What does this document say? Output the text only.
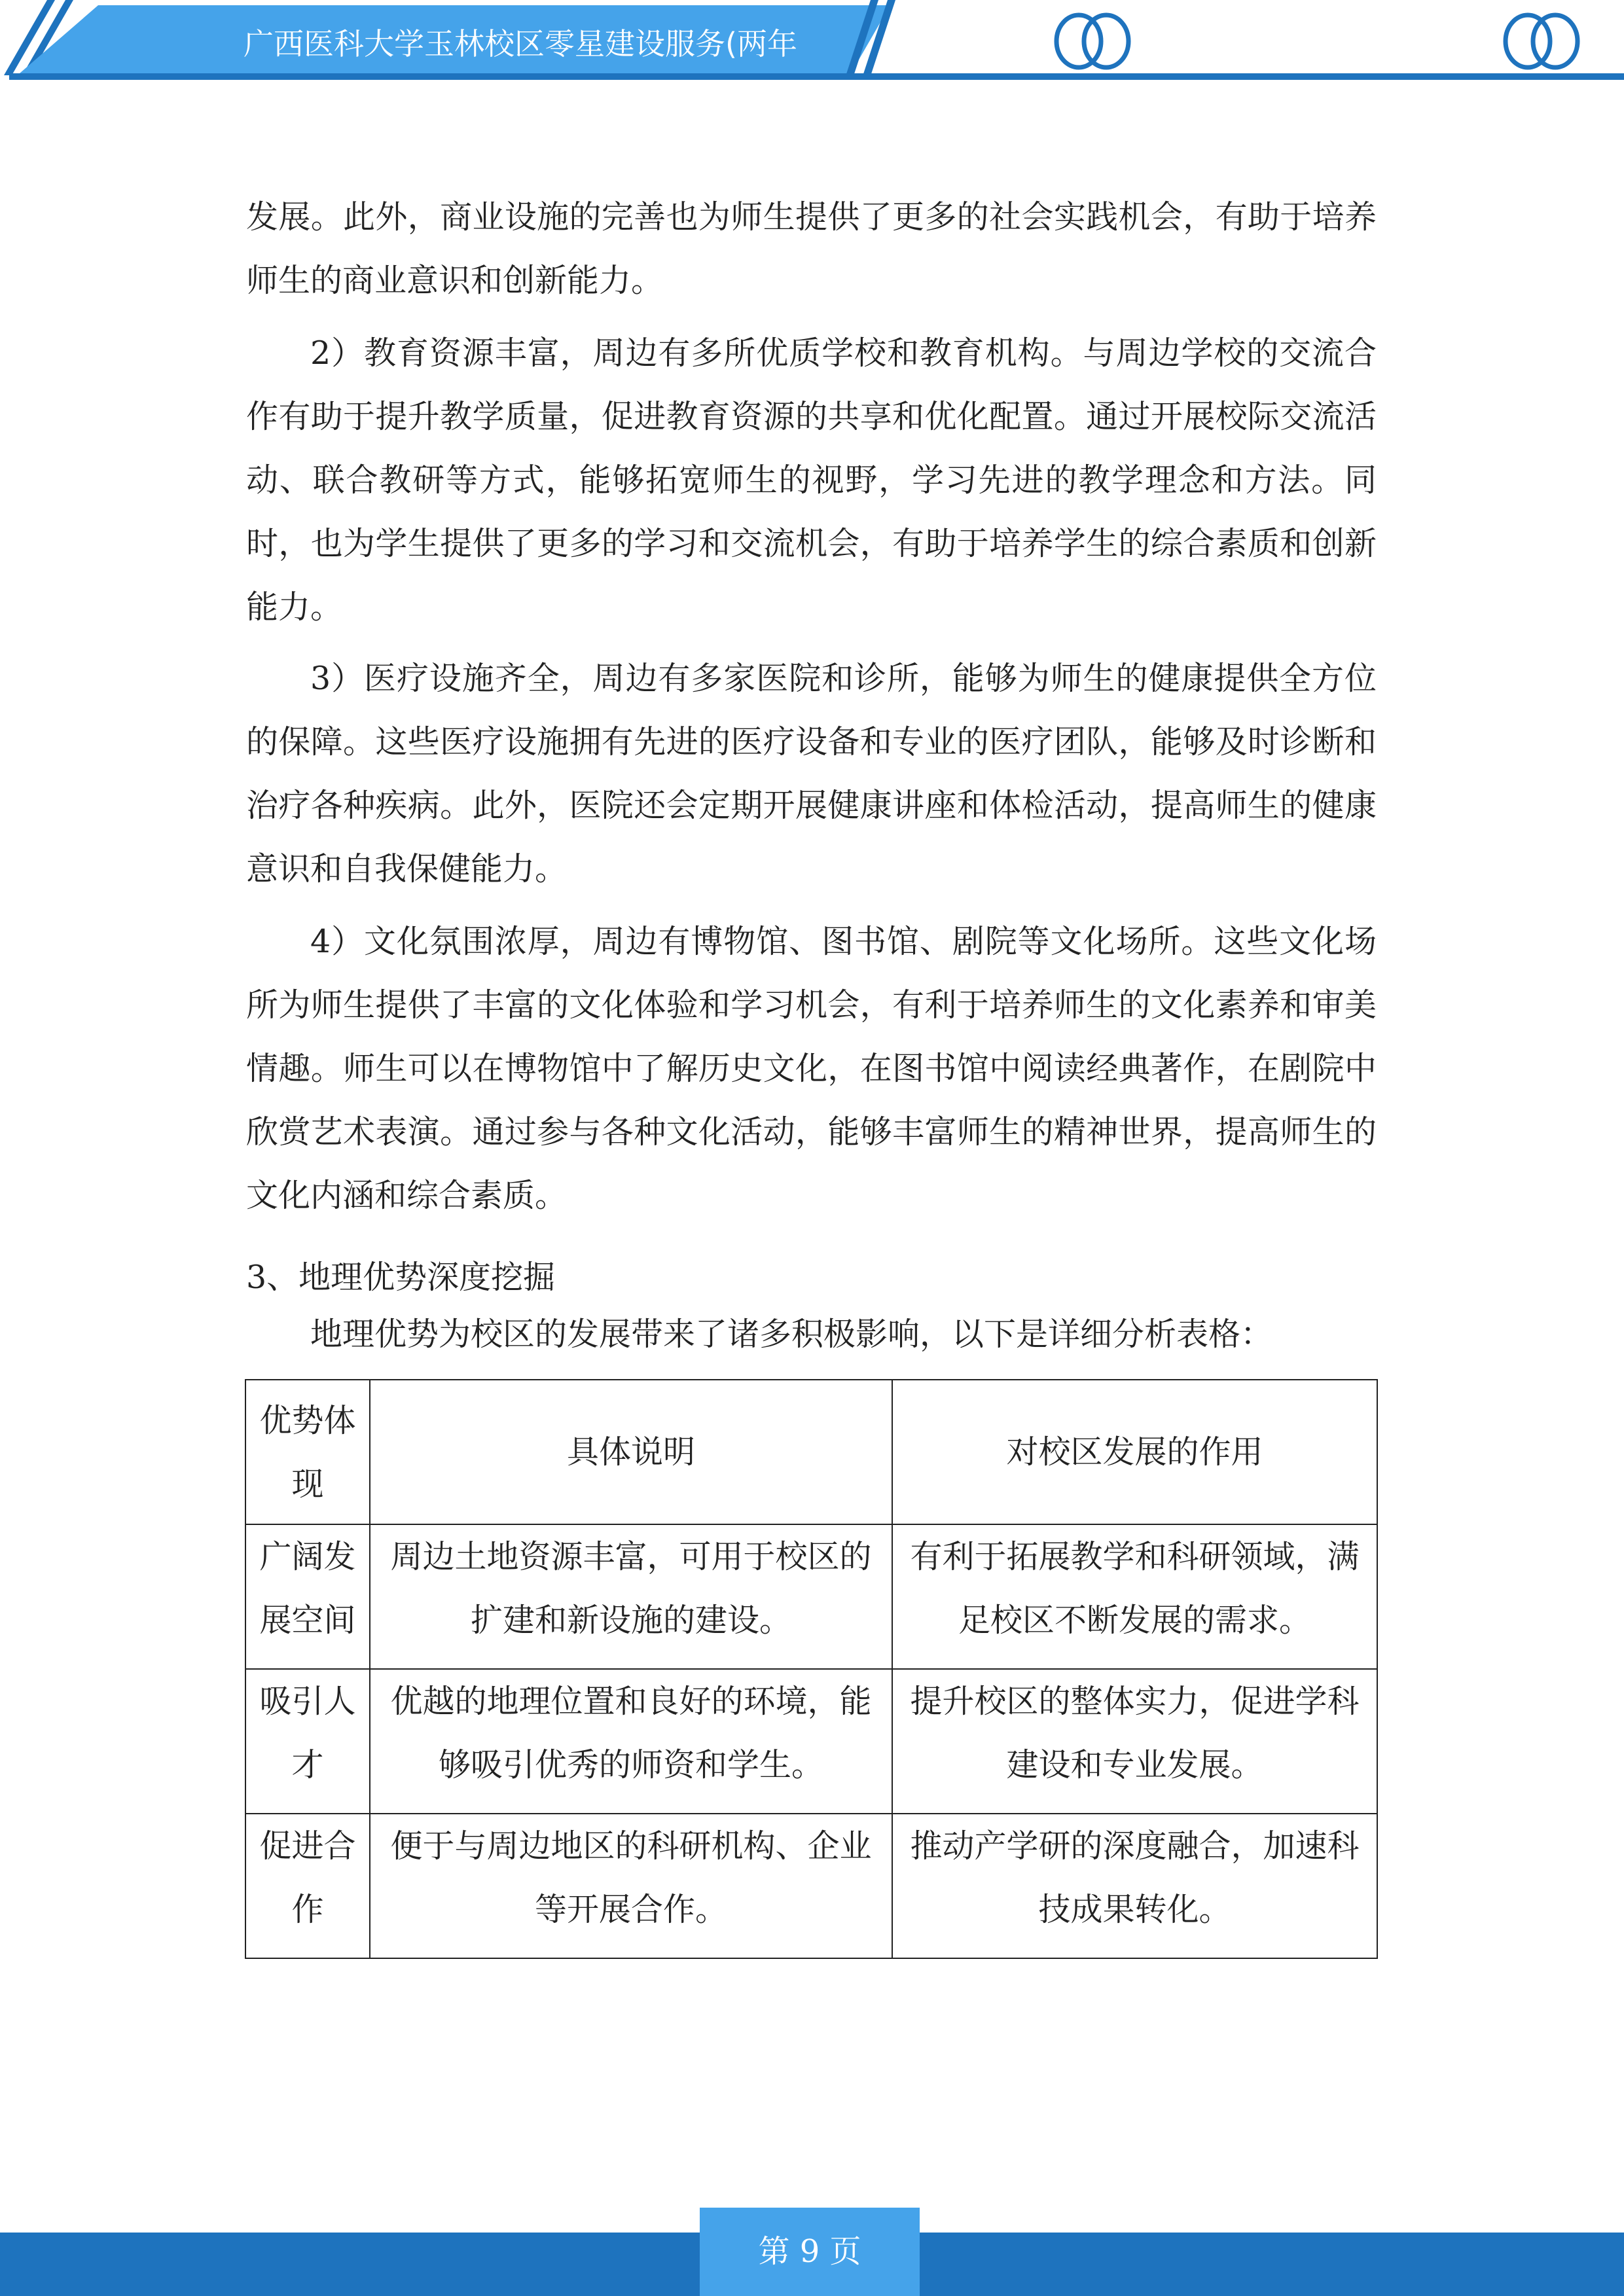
广西医科大学玉林校区零星建设服务(两年
发展。此外，商业设施的完善也为师生提供了更多的社会实践机会，有助于培养师生的商业意识和创新能力。
2）教育资源丰富，周边有多所优质学校和教育机构。与周边学校的交流合作有助于提升教学质量，促进教育资源的共享和优化配置。通过开展校际交流活动、联合教研等方式，能够拓宽师生的视野，学习先进的教学理念和方法。同时，也为学生提供了更多的学习和交流机会，有助于培养学生的综合素质和创新能力。
3）医疗设施齐全，周边有多家医院和诊所，能够为师生的健康提供全方位的保障。这些医疗设施拥有先进的医疗设备和专业的医疗团队，能够及时诊断和治疗各种疾病。此外，医院还会定期开展健康讲座和体检活动，提高师生的健康意识和自我保健能力。
4）文化氛围浓厚，周边有博物馆、图书馆、剧院等文化场所。这些文化场所为师生提供了丰富的文化体验和学习机会，有利于培养师生的文化素养和审美情趣。师生可以在博物馆中了解历史文化，在图书馆中阅读经典著作，在剧院中欣赏艺术表演。通过参与各种文化活动，能够丰富师生的精神世界，提高师生的文化内涵和综合素质。
3、地理优势深度挖掘
地理优势为校区的发展带来了诸多积极影响，以下是详细分析表格：
优势体现	具体说明	对校区发展的作用
广阔发展空间	周边土地资源丰富，可用于校区的扩建和新设施的建设。	有利于拓展教学和科研领域，满足校区不断发展的需求。
吸引人才	优越的地理位置和良好的环境，能够吸引优秀的师资和学生。	提升校区的整体实力，促进学科建设和专业发展。
促进合作	便于与周边地区的科研机构、企业等开展合作。	推动产学研的深度融合，加速科技成果转化。
第 9 页
